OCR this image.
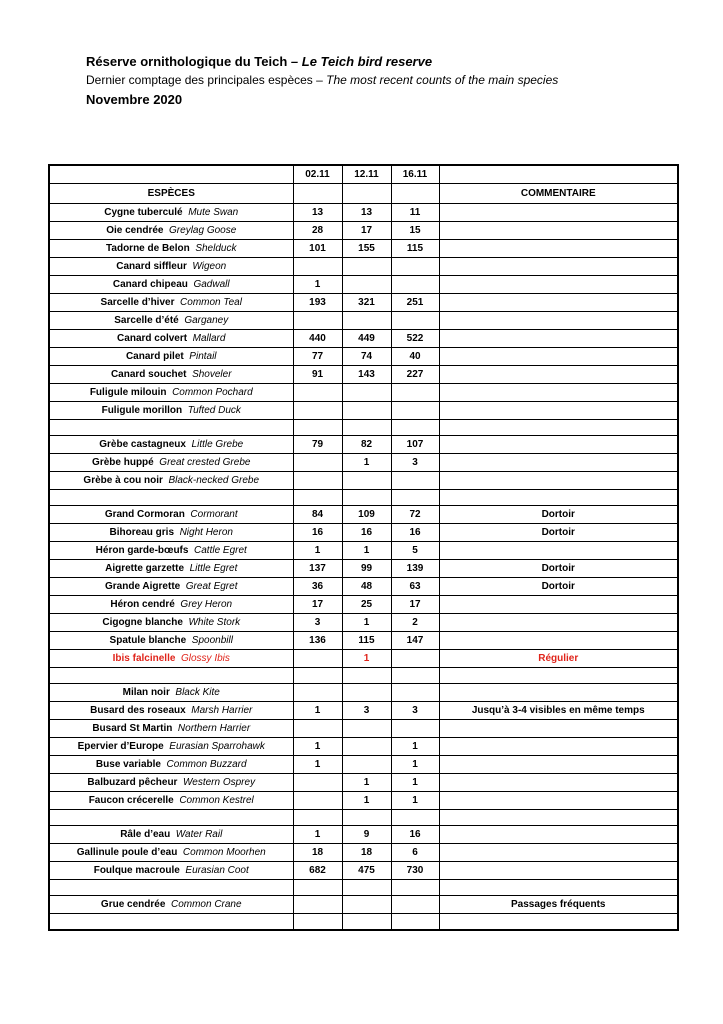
Réserve ornithologique du Teich – Le Teich bird reserve
Dernier comptage des principales espèces – The most recent counts of the main species
Novembre 2020
	02.11	12.11	16.11	
ESPÈCES				COMMENTAIRE
Cygne tuberculé Mute Swan	13	13	11	
Oie cendrée Greylag Goose	28	17	15	
Tadorne de Belon Shelduck	101	155	115	
Canard siffleur Wigeon				
Canard chipeau Gadwall	1			
Sarcelle d’hiver Common Teal	193	321	251	
Sarcelle d’été Garganey				
Canard colvert Mallard	440	449	522	
Canard pilet Pintail	77	74	40	
Canard souchet Shoveler	91	143	227	
Fuligule milouin Common Pochard				
Fuligule morillon Tufted Duck				

Grèbe castagneux Little Grebe	79	82	107	
Grèbe huppé Great crested Grebe		1	3	
Grèbe à cou noir Black-necked Grebe				

Grand Cormoran Cormorant	84	109	72	Dortoir
Bihoreau gris Night Heron	16	16	16	Dortoir
Héron garde-bœufs Cattle Egret	1	1	5	
Aigrette garzette Little Egret	137	99	139	Dortoir
Grande Aigrette Great Egret	36	48	63	Dortoir
Héron cendré Grey Heron	17	25	17	
Cigogne blanche White Stork	3	1	2	
Spatule blanche Spoonbill	136	115	147	
Ibis falcinelle Glossy Ibis		1		Régulier

Milan noir Black Kite				
Busard des roseaux Marsh Harrier	1	3	3	Jusqu’à 3-4 visibles en même temps
Busard St Martin Northern Harrier				
Epervier d’Europe Eurasian Sparrohawk	1		1	
Buse variable Common Buzzard	1		1	
Balbuzard pêcheur Western Osprey		1	1	
Faucon crécerelle Common Kestrel		1	1	

Râle d’eau Water Rail	1	9	16	
Gallinule poule d’eau Common Moorhen	18	18	6	
Foulque macroule Eurasian Coot	682	475	730	

Grue cendrée Common Crane				Passages fréquents
